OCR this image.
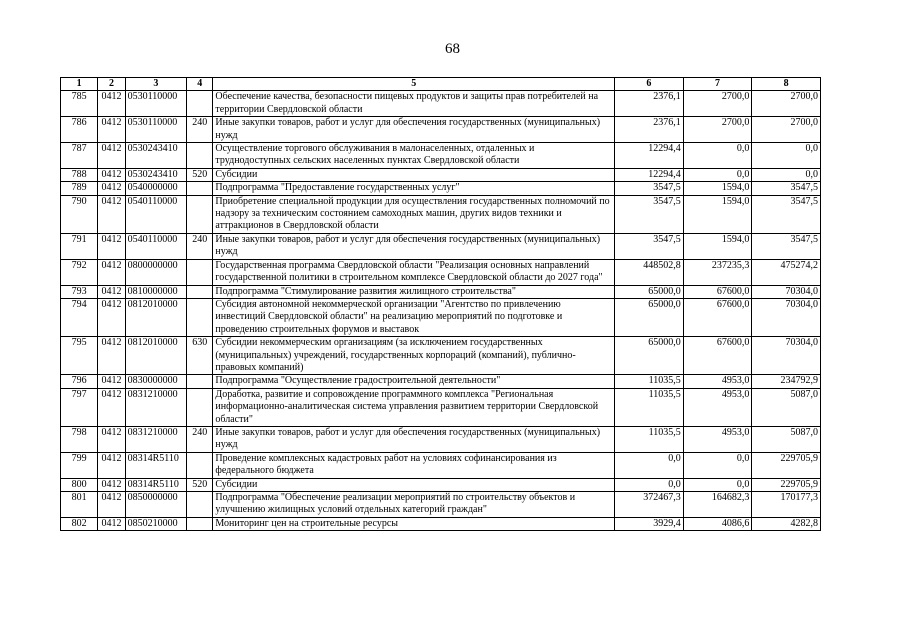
68
1	2	3	4	5	6	7	8
785	0412	0530110000		Обеспечение качества, безопасности пищевых продуктов и защиты прав потребителей на территории Свердловской области	2376,1	2700,0	2700,0
786	0412	0530110000	240	Иные закупки товаров, работ и услуг для обеспечения государственных (муниципальных) нужд	2376,1	2700,0	2700,0
787	0412	0530243410		Осуществление торгового обслуживания в малонаселенных, отдаленных и труднодоступных сельских населенных пунктах Свердловской области	12294,4	0,0	0,0
788	0412	0530243410	520	Субсидии	12294,4	0,0	0,0
789	0412	0540000000		Подпрограмма "Предоставление государственных услуг"	3547,5	1594,0	3547,5
790	0412	0540110000		Приобретение специальной продукции для осуществления государственных полномочий по надзору за техническим состоянием самоходных машин, других видов техники и аттракционов в Свердловской области	3547,5	1594,0	3547,5
791	0412	0540110000	240	Иные закупки товаров, работ и услуг для обеспечения государственных (муниципальных) нужд	3547,5	1594,0	3547,5
792	0412	0800000000		Государственная программа Свердловской области "Реализация основных направлений государственной политики в строительном комплексе Свердловской области до 2027 года"	448502,8	237235,3	475274,2
793	0412	0810000000		Подпрограмма "Стимулирование развития жилищного строительства"	65000,0	67600,0	70304,0
794	0412	0812010000		Субсидия автономной некоммерческой организации "Агентство по привлечению инвестиций Свердловской области" на реализацию мероприятий по подготовке и проведению строительных форумов и выставок	65000,0	67600,0	70304,0
795	0412	0812010000	630	Субсидии некоммерческим организациям (за исключением государственных (муниципальных) учреждений, государственных корпораций (компаний), публично-правовых компаний)	65000,0	67600,0	70304,0
796	0412	0830000000		Подпрограмма "Осуществление градостроительной деятельности"	11035,5	4953,0	234792,9
797	0412	0831210000		Доработка, развитие и сопровождение программного комплекса "Региональная информационно-аналитическая система управления развитием территории Свердловской области"	11035,5	4953,0	5087,0
798	0412	0831210000	240	Иные закупки товаров, работ и услуг для обеспечения государственных (муниципальных) нужд	11035,5	4953,0	5087,0
799	0412	08314R5110		Проведение комплексных кадастровых работ на условиях софинансирования из федерального бюджета	0,0	0,0	229705,9
800	0412	08314R5110	520	Субсидии	0,0	0,0	229705,9
801	0412	0850000000		Подпрограмма "Обеспечение реализации мероприятий по строительству объектов и улучшению жилищных условий отдельных категорий граждан"	372467,3	164682,3	170177,3
802	0412	0850210000		Мониторинг цен на строительные ресурсы	3929,4	4086,6	4282,8
